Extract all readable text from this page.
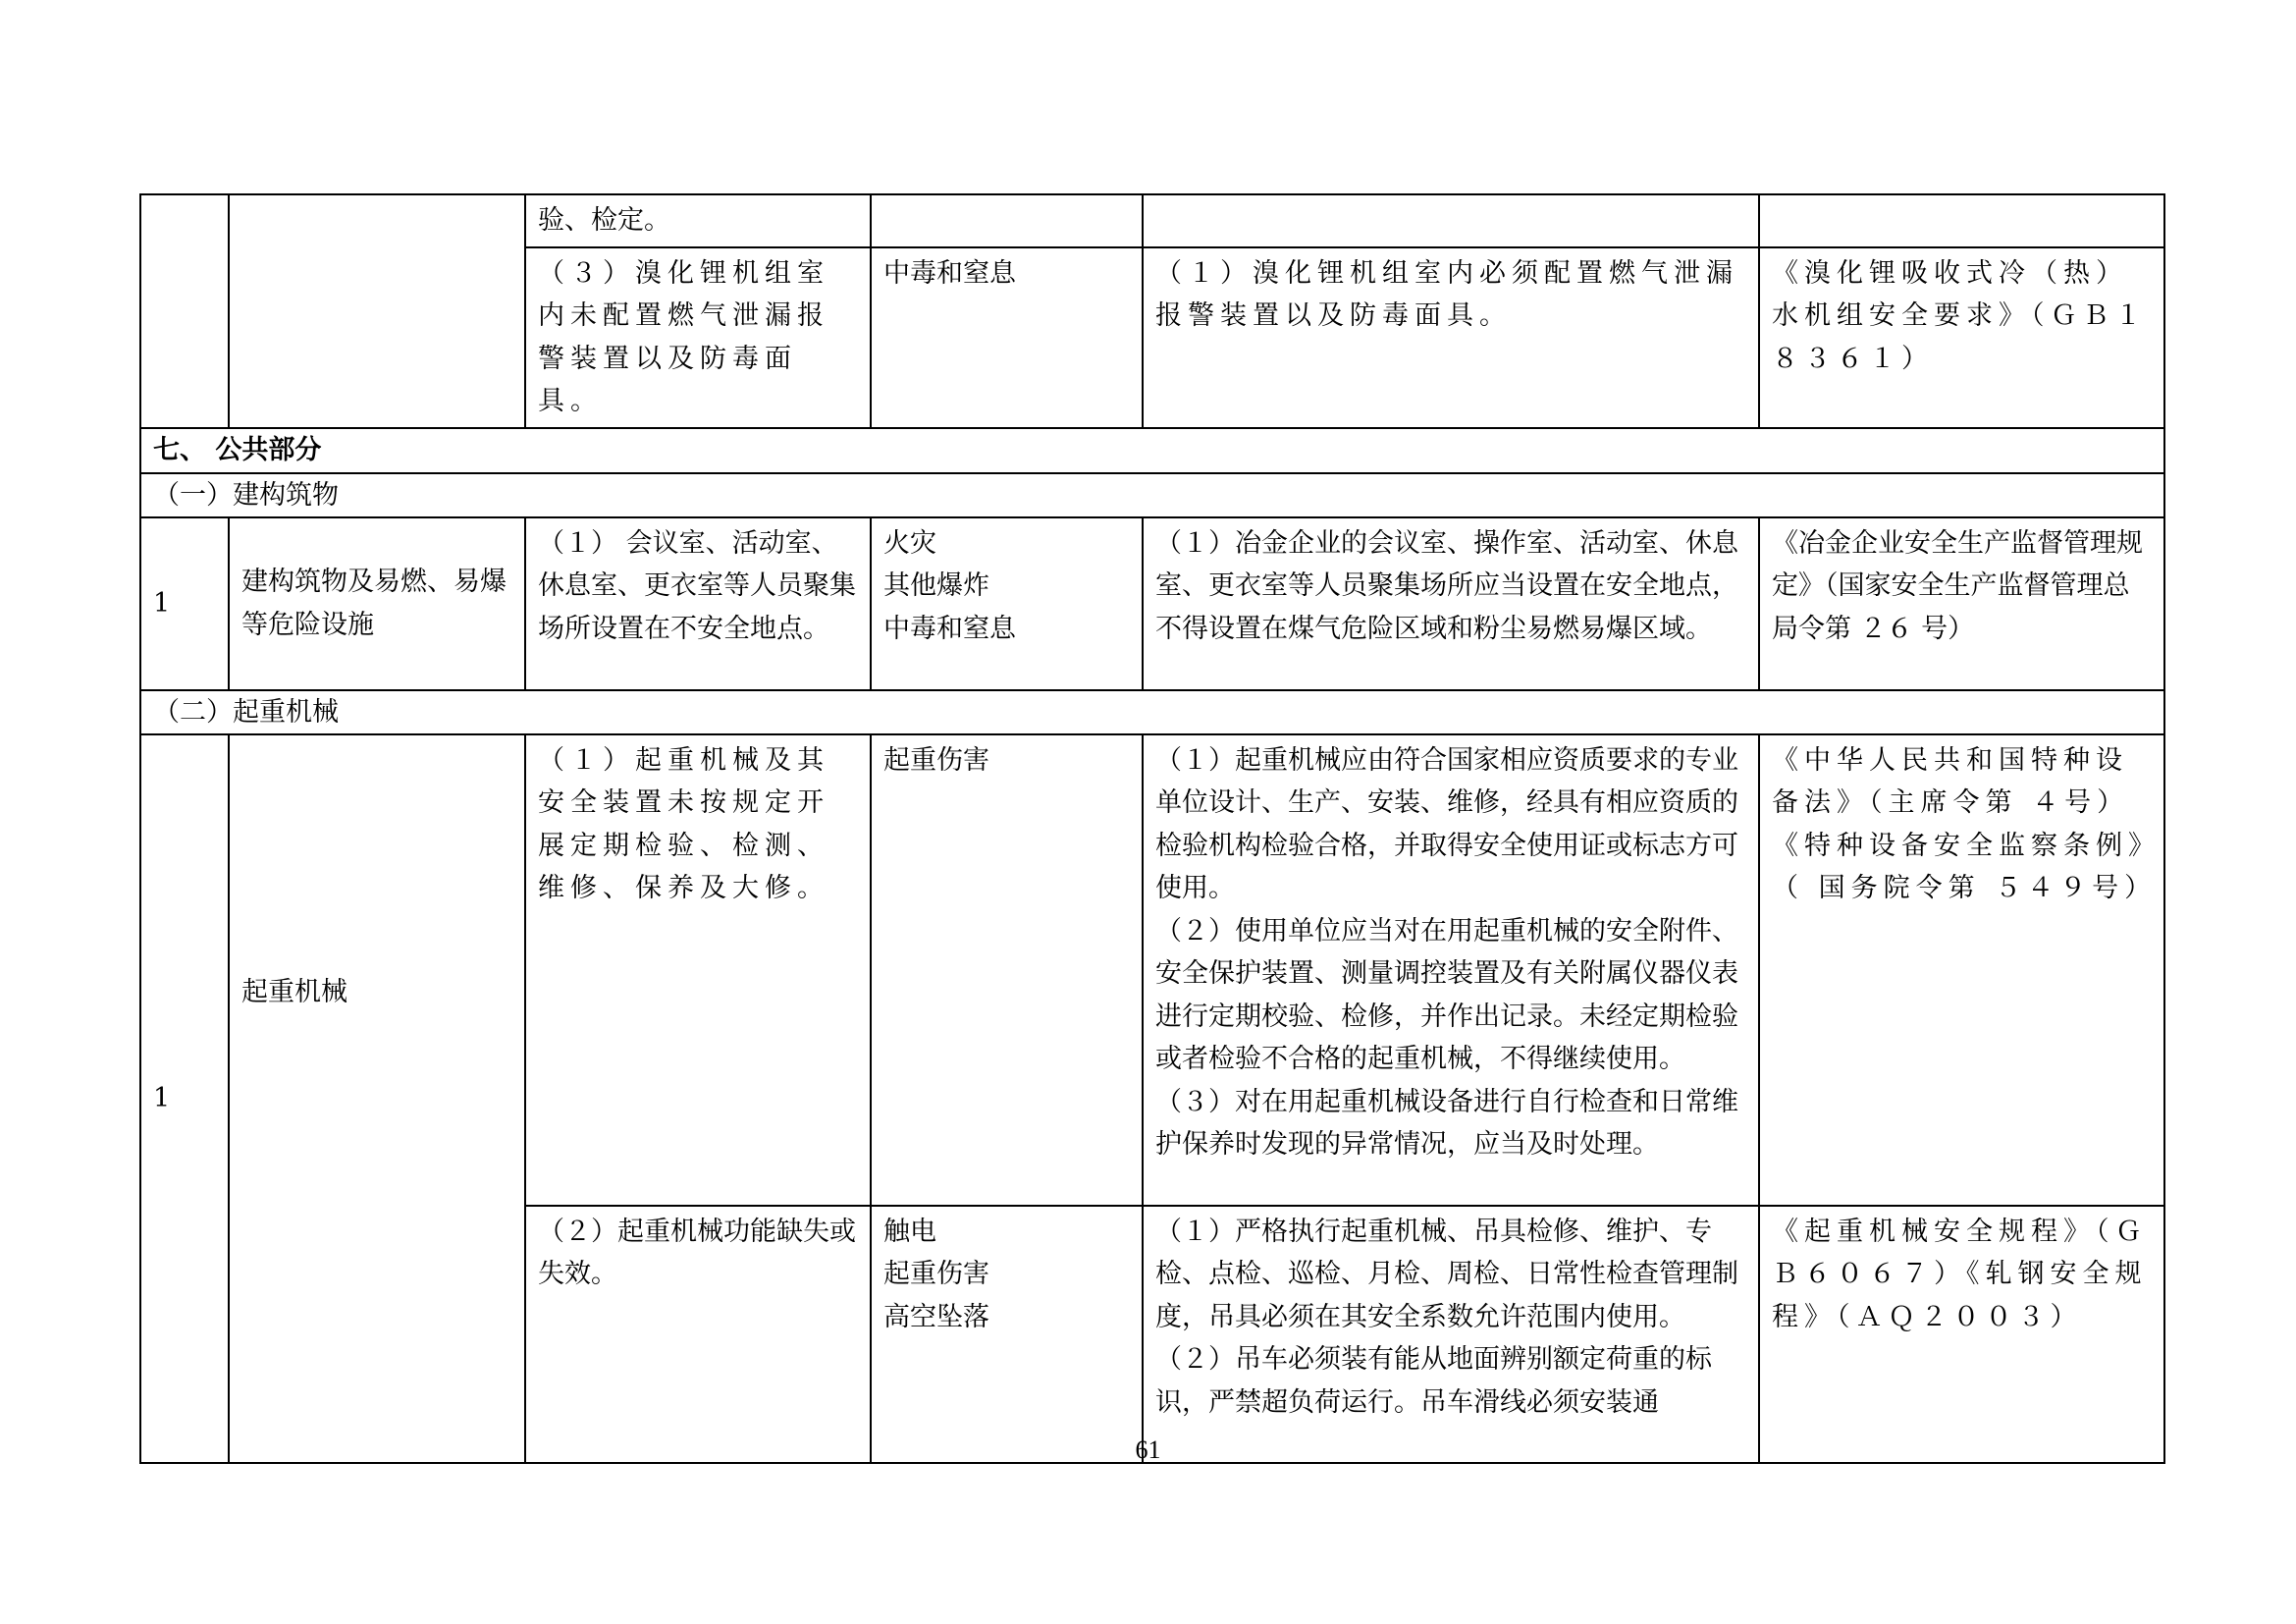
		验、检定。			
		（３）溴化锂机组室内未配置燃气泄漏报警装置以及防毒面具。	中毒和窒息	（１）溴化锂机组室内必须配置燃气泄漏报警装置以及防毒面具。	《溴化锂吸收式冷（热）水机组安全要求》（ＧＢ１８３６１）
七、 公共部分					
（一）建构筑物					
1	建构筑物及易燃、易爆等危险设施	（１） 会议室、活动室、休息室、更衣室等人员聚集场所设置在不安全地点。	火灾
其他爆炸
中毒和窒息	（１）冶金企业的会议室、操作室、活动室、休息室、更衣室等人员聚集场所应当设置在安全地点，不得设置在煤气危险区域和粉尘易燃易爆区域。	《冶金企业安全生产监督管理规定》（国家安全生产监督管理总局令第 ２６ 号）
（二）起重机械					
1	起重机械	（１）起重机械及其安全装置未按规定开展定期检验、检测、维修、保养及大修。	起重伤害	（１）起重机械应由符合国家相应资质要求的专业单位设计、生产、安装、维修，经具有相应资质的检验机构检验合格，并取得安全使用证或标志方可使用。
（２）使用单位应当对在用起重机械的安全附件、安全保护装置、测量调控装置及有关附属仪器仪表进行定期校验、检修，并作出记录。未经定期检验或者检验不合格的起重机械，不得继续使用。
（３）对在用起重机械设备进行自行检查和日常维护保养时发现的异常情况，应当及时处理。	《中华人民共和国特种设备法》（主席令第 ４号）
《特种设备安全监察条例》（ 国务院令第 ５４９号）

		（２）起重机械功能缺失或失效。	触电
起重伤害
高空坠落	（１）严格执行起重机械、吊具检修、维护、专检、点检、巡检、月检、周检、日常性检查管理制度，吊具必须在其安全系数允许范围内使用。
（２）吊车必须装有能从地面辨别额定荷重的标识，严禁超负荷运行。吊车滑线必须安装通	《起重机械安全规程》（ＧＢ６０６７）《轧钢安全规程》（ＡＱ２００３）
61
